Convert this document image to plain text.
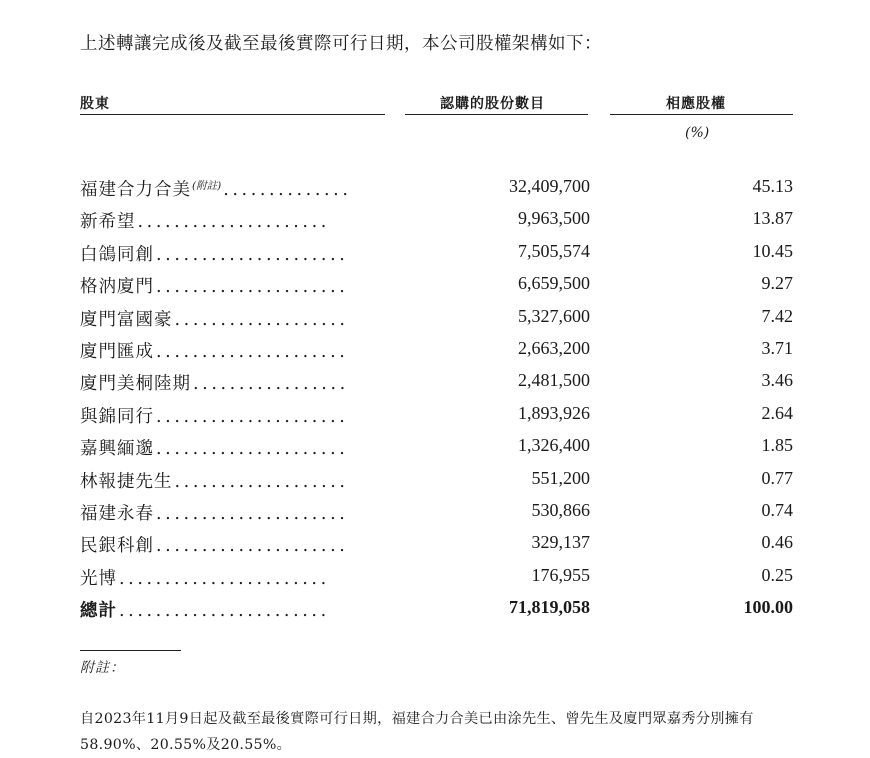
上述轉讓完成後及截至最後實際可行日期，本公司股權架構如下：
股東	認購的股份數目	相應股權
(%)
福建合力合美$^{(附註)}$ ..............	32,409,700	45.13
新希望 .....................	9,963,500	13.87
白鴿同創 .....................	7,505,574	10.45
格汭廈門 .....................	6,659,500	9.27
廈門富國豪 ...................	5,327,600	7.42
廈門匯成 .....................	2,663,200	3.71
廈門美桐陸期 .................	2,481,500	3.46
與錦同行 .....................	1,893,926	2.64
嘉興緬邈 .....................	1,326,400	1.85
林報捷先生 ...................	551,200	0.77
福建永春 .....................	530,866	0.74
民銀科創 .....................	329,137	0.46
光博 .......................	176,955	0.25
總計 .......................	71,819,058	100.00
附註：
自2023年11月9日起及截至最後實際可行日期，福建合力合美已由涂先生、曾先生及廈門眾嘉秀分別擁有58.90%、20.55%及20.55%。
